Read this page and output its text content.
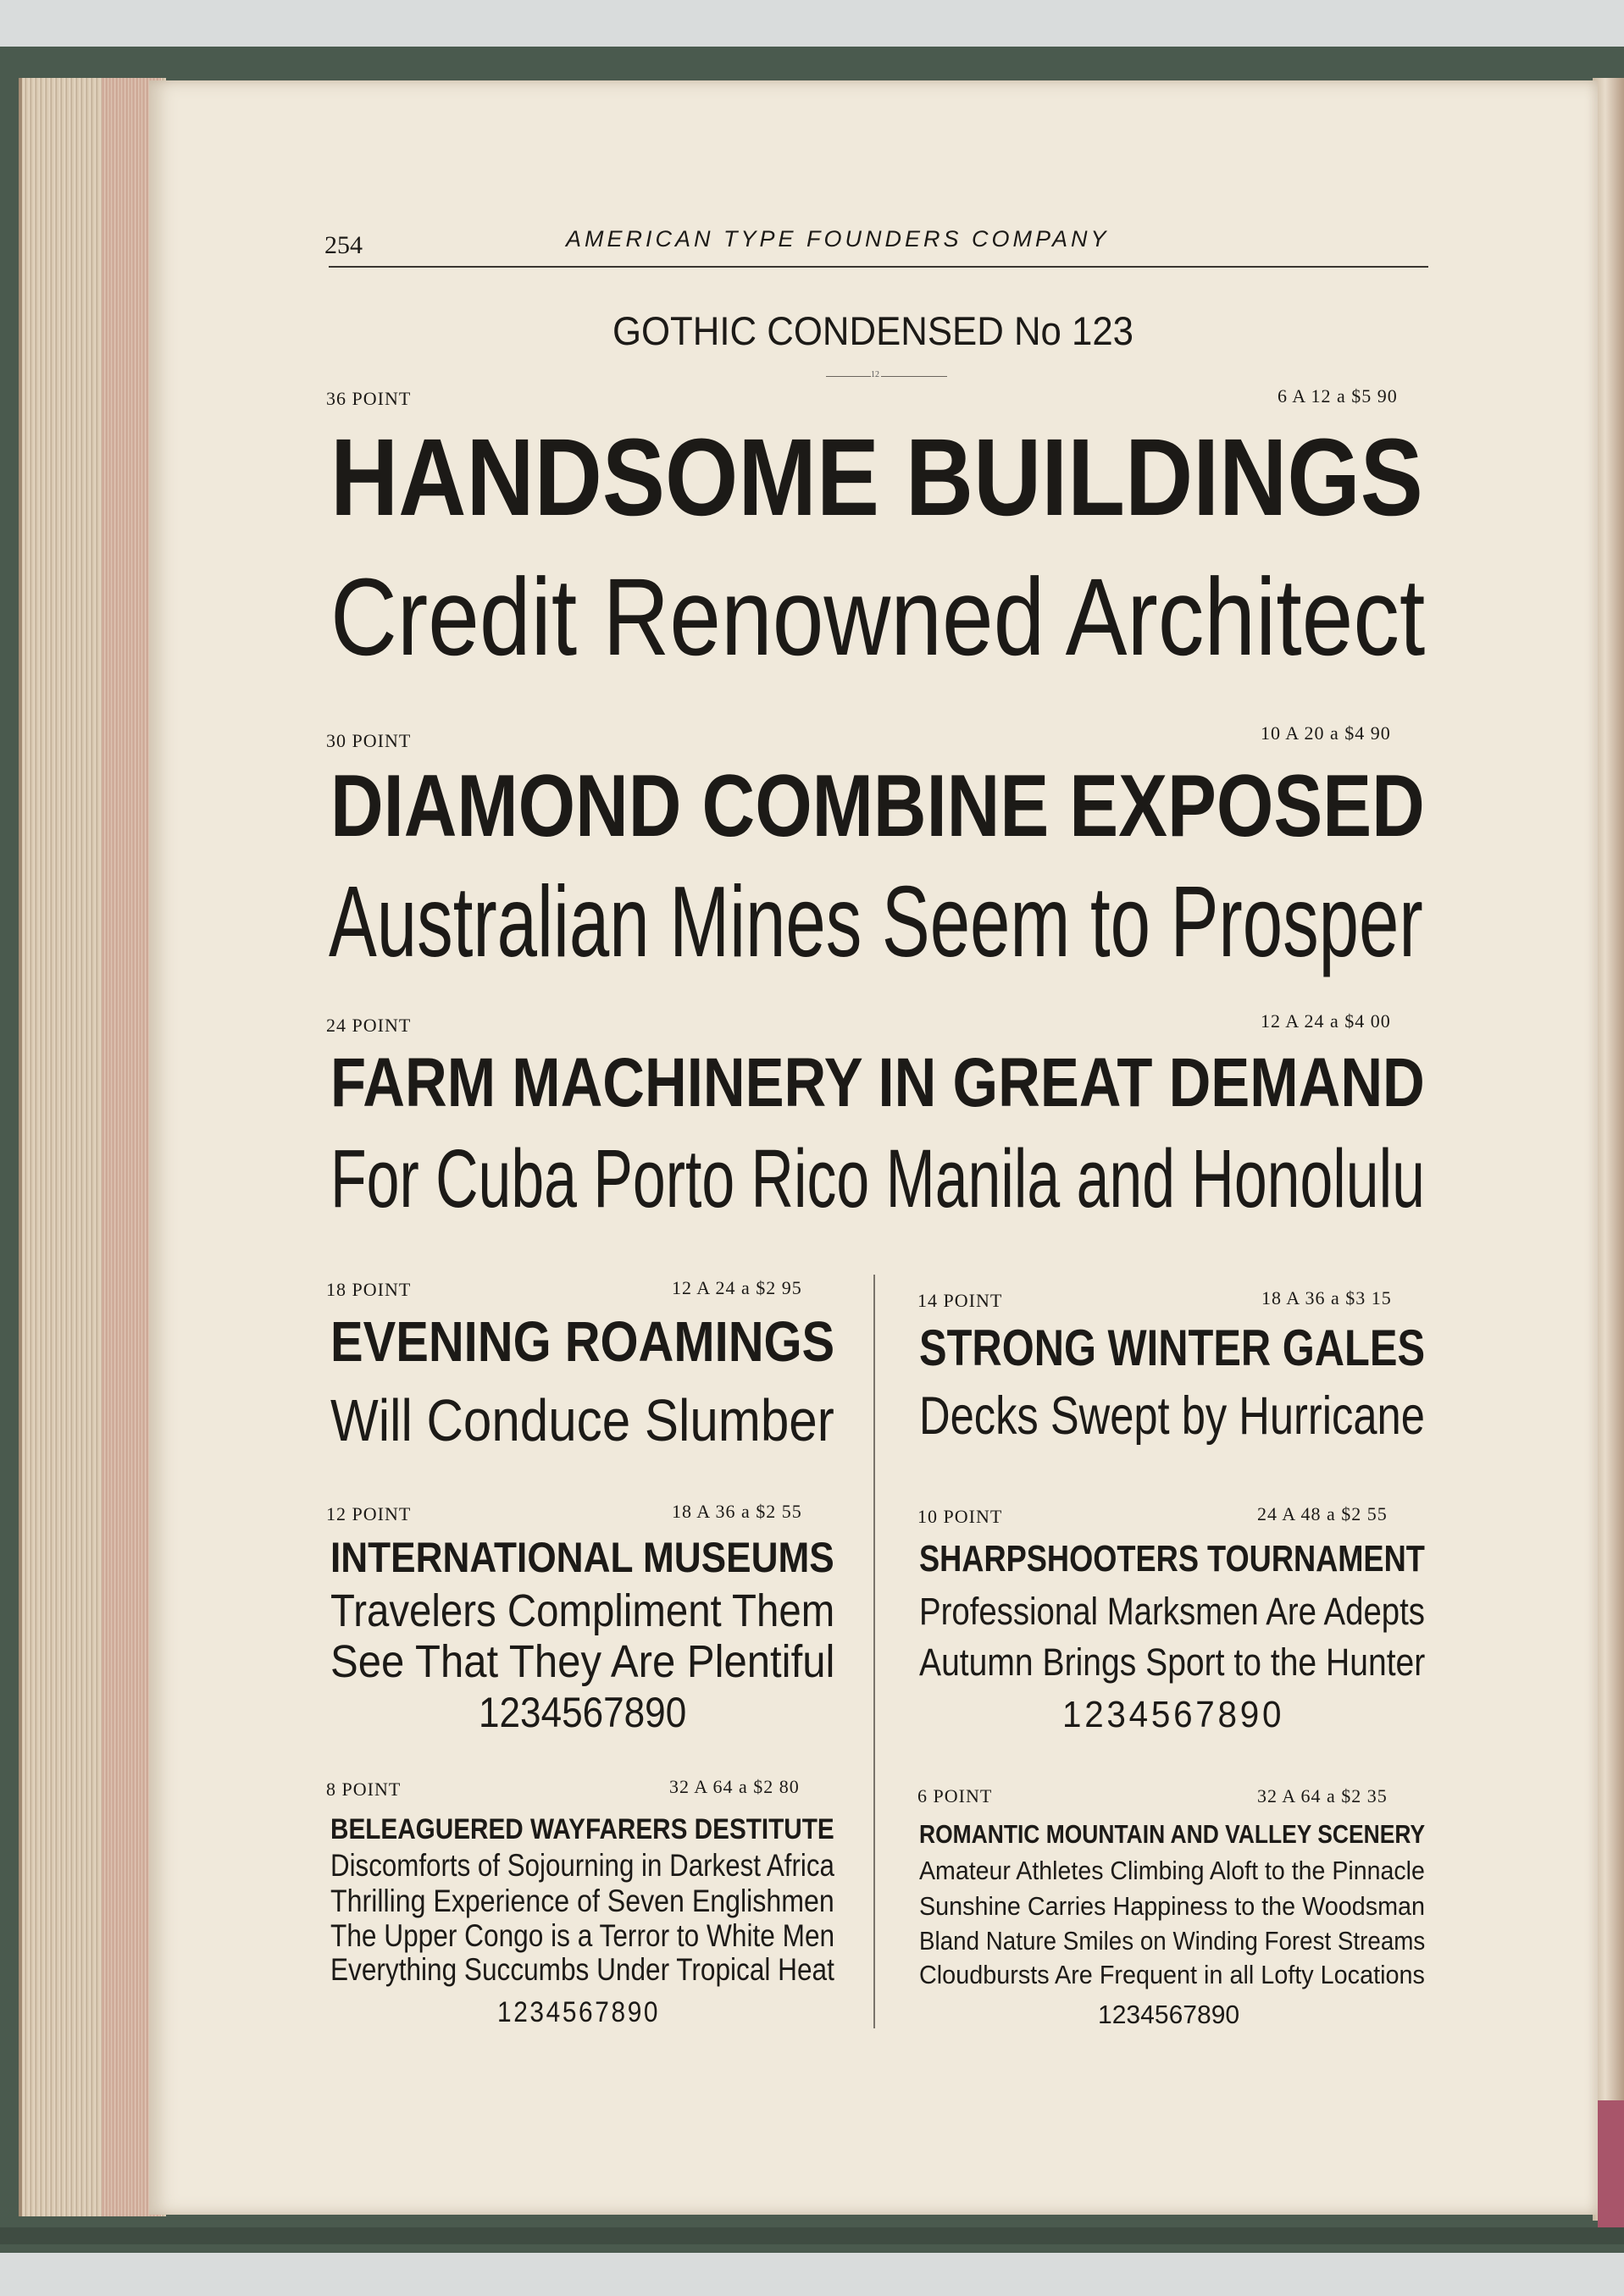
254	AMERICAN TYPE FOUNDERS COMPANY
GOTHIC CONDENSED No 123
12
36 POINT	6 A 12 a $5 90
HANDSOME BUILDINGS
Credit Renowned Architect
30 POINT	10 A 20 a $4 90
DIAMOND COMBINE EXPOSED
Australian Mines Seem to Prosper
24 POINT	12 A 24 a $4 00
FARM MACHINERY IN GREAT DEMAND
For Cuba Porto Rico Manila and Honolulu
18 POINT	12 A 24 a $2 95
EVENING ROAMINGS
Will Conduce Slumber
14 POINT	18 A 36 a $3 15
STRONG WINTER GALES
Decks Swept by Hurricane
12 POINT	18 A 36 a $2 55
INTERNATIONAL MUSEUMS
Travelers Compliment Them
See That They Are Plentiful
1234567890
10 POINT	24 A 48 a $2 55
SHARPSHOOTERS TOURNAMENT
Professional Marksmen Are Adepts
Autumn Brings Sport to the Hunter
1234567890
8 POINT	32 A 64 a $2 80
BELEAGUERED WAYFARERS DESTITUTE
Discomforts of Sojourning in Darkest Africa
Thrilling Experience of Seven Englishmen
The Upper Congo is a Terror to White Men
Everything Succumbs Under Tropical Heat
1234567890
6 POINT	32 A 64 a $2 35
ROMANTIC MOUNTAIN AND VALLEY SCENERY
Amateur Athletes Climbing Aloft to the Pinnacle
Sunshine Carries Happiness to the Woodsman
Bland Nature Smiles on Winding Forest Streams
Cloudbursts Are Frequent in all Lofty Locations
1234567890
